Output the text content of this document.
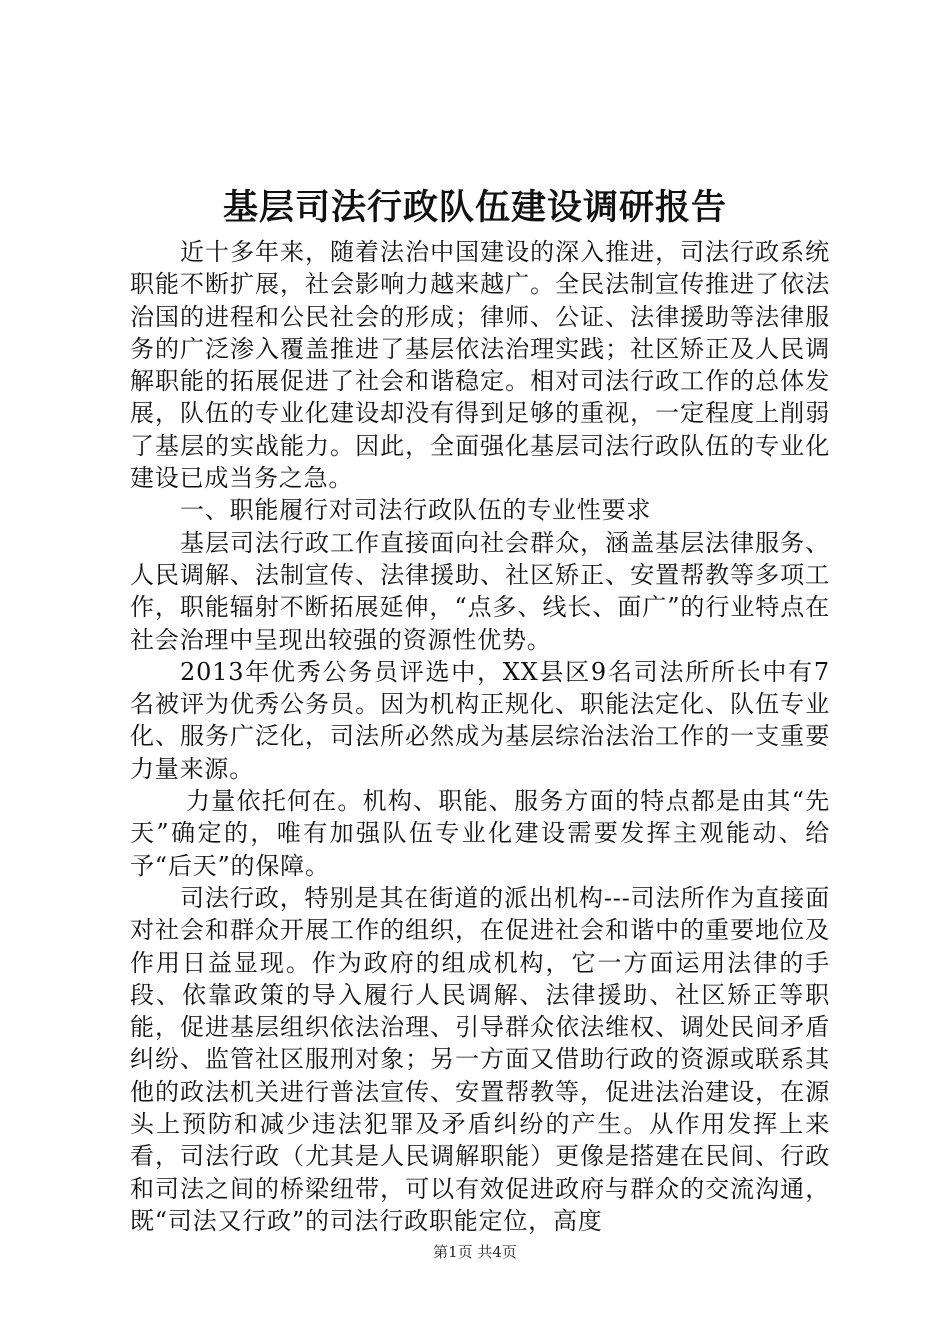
基层司法行政队伍建设调研报告

近十多年来，随着法治中国建设的深入推进，司法行政系统职能不断扩展，社会影响力越来越广。全民法制宣传推进了依法治国的进程和公民社会的形成；律师、公证、法律援助等法律服务的广泛渗入覆盖推进了基层依法治理实践；社区矫正及人民调解职能的拓展促进了社会和谐稳定。相对司法行政工作的总体发展，队伍的专业化建设却没有得到足够的重视，一定程度上削弱了基层的实战能力。因此，全面强化基层司法行政队伍的专业化建设已成当务之急。

一、职能履行对司法行政队伍的专业性要求

基层司法行政工作直接面向社会群众，涵盖基层法律服务、人民调解、法制宣传、法律援助、社区矫正、安置帮教等多项工作，职能辐射不断拓展延伸，“点多、线长、面广”的行业特点在社会治理中呈现出较强的资源性优势。

2013年优秀公务员评选中，XX县区9名司法所所长中有7名被评为优秀公务员。因为机构正规化、职能法定化、队伍专业化、服务广泛化，司法所必然成为基层综治法治工作的一支重要力量来源。

力量依托何在。机构、职能、服务方面的特点都是由其“先天”确定的，唯有加强队伍专业化建设需要发挥主观能动、给予“后天”的保障。

司法行政，特别是其在街道的派出机构---司法所作为直接面对社会和群众开展工作的组织，在促进社会和谐中的重要地位及作用日益显现。作为政府的组成机构，它一方面运用法律的手段、依靠政策的导入履行人民调解、法律援助、社区矫正等职能，促进基层组织依法治理、引导群众依法维权、调处民间矛盾纠纷、监管社区服刑对象；另一方面又借助行政的资源或联系其他的政法机关进行普法宣传、安置帮教等，促进法治建设，在源头上预防和减少违法犯罪及矛盾纠纷的产生。从作用发挥上来看，司法行政（尤其是人民调解职能）更像是搭建在民间、行政和司法之间的桥梁纽带，可以有效促进政府与群众的交流沟通，既“司法又行政”的司法行政职能定位，高度

第1页 共4页
